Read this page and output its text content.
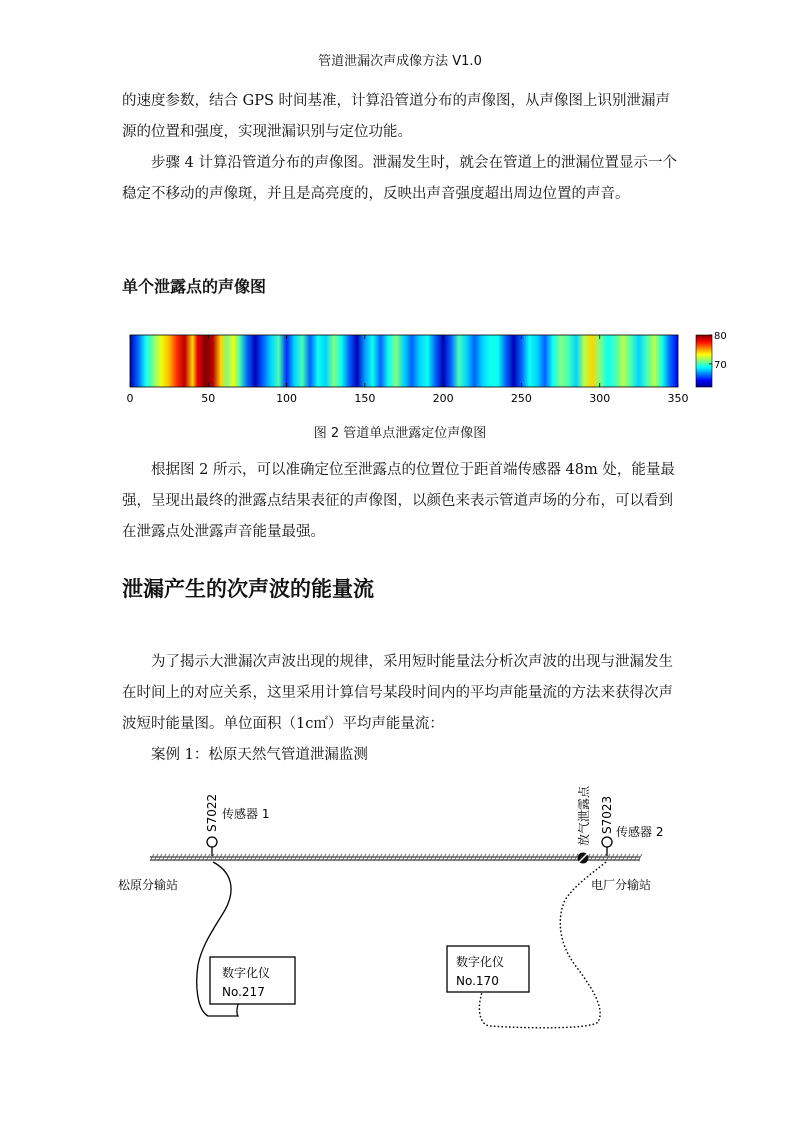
管道泄漏次声成像方法 V1.0

的速度参数，结合 GPS 时间基准，计算沿管道分布的声像图，从声像图上识别泄漏声源的位置和强度，实现泄漏识别与定位功能。

步骤 4 计算沿管道分布的声像图。泄漏发生时，就会在管道上的泄漏位置显示一个稳定不移动的声像斑，并且是高亮度的，反映出声音强度超出周边位置的声音。

单个泄露点的声像图
0	50	100	150	200	250	300	350
80
70
图 2 管道单点泄露定位声像图

根据图 2 所示，可以准确定位至泄露点的位置位于距首端传感器 48m 处，能量最强，呈现出最终的泄露点结果表征的声像图，以颜色来表示管道声场的分布，可以看到在泄露点处泄露声音能量最强。

泄漏产生的次声波的能量流

为了揭示大泄漏次声波出现的规律，采用短时能量法分析次声波的出现与泄漏发生在时间上的对应关系，这里采用计算信号某段时间内的平均声能量流的方法来获得次声波短时能量图。单位面积（1c㎡）平均声能量流：

案例 1：松原天然气管道泄漏监测

S7022 传感器 1	S7023 传感器 2
放气泄露点
松原分输站	电厂分输站
数字化仪
No.217
数字化仪
No.170
